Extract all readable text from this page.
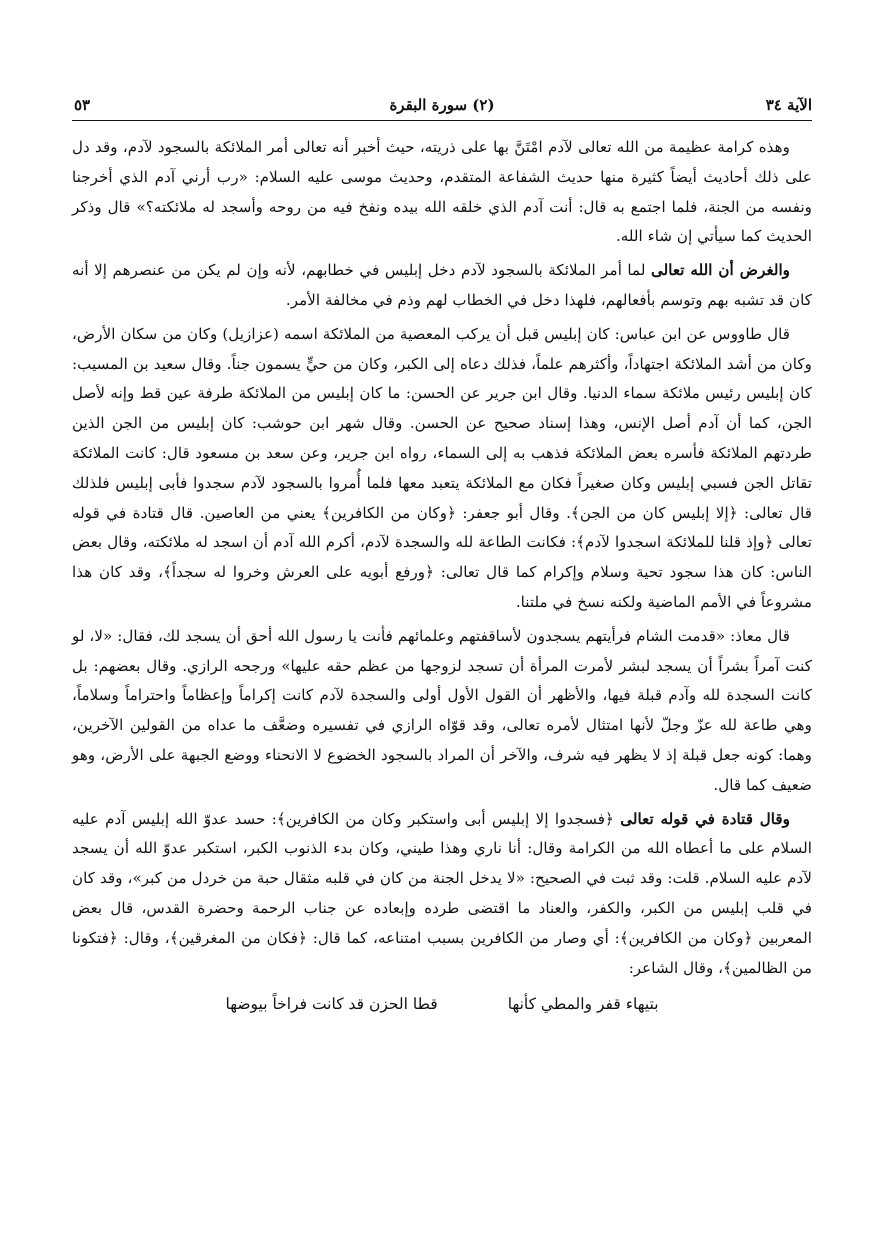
الآية ٣٤
(٢) سورة البقرة
٥٣

وهذه كرامة عظيمة من الله تعالى لآدم امْتَنَّ بها على ذريته، حيث أخبر أنه تعالى أمر الملائكة بالسجود لآدم، وقد دل على ذلك أحاديث أيضاً كثيرة منها حديث الشفاعة المتقدم، وحديث موسى عليه السلام: «رب أرني آدم الذي أخرجنا ونفسه من الجنة، فلما اجتمع به قال: أنت آدم الذي خلقه الله بيده ونفخ فيه من روحه وأسجد له ملائكته؟» قال وذكر الحديث كما سيأتي إن شاء الله.

والغرض أن الله تعالى لما أمر الملائكة بالسجود لآدم دخل إبليس في خطابهم، لأنه وإن لم يكن من عنصرهم إلا أنه كان قد تشبه بهم وتوسم بأفعالهم، فلهذا دخل في الخطاب لهم وذم في مخالفة الأمر.

قال طاووس عن ابن عباس: كان إبليس قبل أن يركب المعصية من الملائكة اسمه (عزازيل) وكان من سكان الأرض، وكان من أشد الملائكة اجتهاداً، وأكثرهم علماً، فذلك دعاه إلى الكبر، وكان من حيٍّ يسمون جناً. وقال سعيد بن المسيب: كان إبليس رئيس ملائكة سماء الدنيا. وقال ابن جرير عن الحسن: ما كان إبليس من الملائكة طرفة عين قط وإنه لأصل الجن، كما أن آدم أصل الإنس، وهذا إسناد صحيح عن الحسن. وقال شهر ابن حوشب: كان إبليس من الجن الذين طردتهم الملائكة فأسره بعض الملائكة فذهب به إلى السماء، رواه ابن جرير، وعن سعد بن مسعود قال: كانت الملائكة تقاتل الجن فسبي إبليس وكان صغيراً فكان مع الملائكة يتعبد معها فلما أُمروا بالسجود لآدم سجدوا فأبى إبليس فلذلك قال تعالى: ﴿إلا إبليس كان من الجن﴾. وقال أبو جعفر: ﴿وكان من الكافرين﴾ يعني من العاصين. قال قتادة في قوله تعالى ﴿وإذ قلنا للملائكة اسجدوا لآدم﴾: فكانت الطاعة لله والسجدة لآدم، أكرم الله آدم أن اسجد له ملائكته، وقال بعض الناس: كان هذا سجود تحية وسلام وإكرام كما قال تعالى: ﴿ورفع أبويه على العرش وخروا له سجداً﴾، وقد كان هذا مشروعاً في الأمم الماضية ولكنه نسخ في ملتنا.

قال معاذ: «قدمت الشام فرأيتهم يسجدون لأساقفتهم وعلمائهم فأنت يا رسول الله أحق أن يسجد لك، فقال: «لا، لو كنت آمراً بشراً أن يسجد لبشر لأمرت المرأة أن تسجد لزوجها من عظم حقه عليها» ورجحه الرازي. وقال بعضهم: بل كانت السجدة لله وآدم قبلة فيها، والأظهر أن القول الأول أولى والسجدة لآدم كانت إكراماً وإعظاماً واحتراماً وسلاماً، وهي طاعة لله عزّ وجلّ لأنها امتثال لأمره تعالى، وقد قوّاه الرازي في تفسيره وضعَّف ما عداه من القولين الآخرين، وهما: كونه جعل قبلة إذ لا يظهر فيه شرف، والآخر أن المراد بالسجود الخضوع لا الانحناء ووضع الجبهة على الأرض، وهو ضعيف كما قال.

وقال قتادة في قوله تعالى ﴿فسجدوا إلا إبليس أبى واستكبر وكان من الكافرين﴾: حسد عدوّ الله إبليس آدم عليه السلام على ما أعطاه الله من الكرامة وقال: أنا ناري وهذا طيني، وكان بدء الذنوب الكبر، استكبر عدوّ الله أن يسجد لآدم عليه السلام. قلت: وقد ثبت في الصحيح: «لا يدخل الجنة من كان في قلبه مثقال حبة من خردل من كبر»، وقد كان في قلب إبليس من الكبر، والكفر، والعناد ما اقتضى طرده وإبعاده عن جناب الرحمة وحضرة القدس، قال بعض المعربين ﴿وكان من الكافرين﴾: أي وصار من الكافرين بسبب امتناعه، كما قال: ﴿فكان من المغرقين﴾، وقال: ﴿فتكونا من الظالمين﴾، وقال الشاعر:

بتيهاء قفر والمطي كأنها
قطا الحزن قد كانت فراخاً بيوضها
